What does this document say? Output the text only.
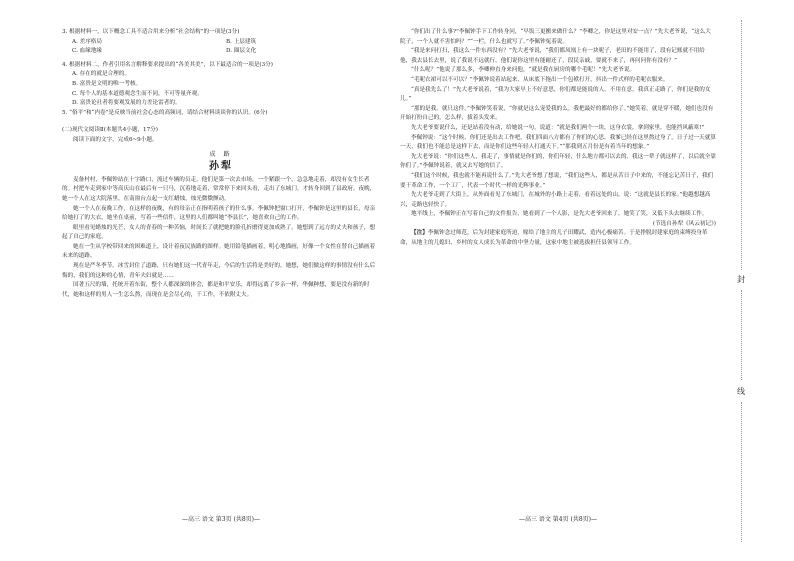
3. 根据材料一，以下概念工具不适合用来分析“社会结构”的一项是(3分)

A. 差序格局	B. 上层建筑
C. 血缘地缘	D. 圈层文化

4. 根据材料二，作者引用名言解释要求提出的“各美其美”，以下最适合的一项是(3分)

A. 存在的就是合理的。

B. 富贵是文明的唯一考核。

C. 每个人的基本道德观念生而不同，不可等量齐观。

D. 富贵论社者将要观发展的力差论雷者的。

5. “俗平”和“内卷”是反映当前社会心态的高频词，请结合材料谈谈你的认识。(6分)

(二)现代文阅读Ⅱ(本题共4小题，17分)

阅读下面的文字，完成6~9小题。

成 路
孙犁

麦备村村，李佩钟站在十字路口，流过车辆的员走，他们是第一次去市场，一个紧跟一个，急急地走着，却没有女生长者的。村把车走到家中等高庆山在最后有一只马，沉着地走着，常常停下来回头看，走出了东城门，才转身回到了县政府。夜晚，她一个人在这大院落里，在南窗台点起一支红蜡烛，烛光微微颤动。

她一个人在夜晚工作，在这样的夜晚，有的母亲正在指明着孩子的什么事。李佩钟把窗口打开，李佩钟是这里的县长，母亲给她打了的大衣，她坐在桌前，写着一些信件，这里的人们都叫她“李县长”，她喜欢自己的工作。

眼里看见蜡烛的光芒，女人的青春的一种苦恼，时间长了就把她的脸孔折磨得更加成熟了，她想到了远方的丈夫和孩子，想起了自己的家庭。

她在一生从学校带回来的困难道上，设计着夜民族路的图样。她用铅笔描画着，明心地描画，好像一个女性在替自己描画着未来的道路。

现在是严冬季节，冰雪封住了道路，只有她们这一代青年走，今后的生活将是美好的。她想，她们做这样的事情没有什么后悔的，我们的这种的心情，青年夫妇就是……

国著五尺的墙，托统开着东街，整个人都深深的体会，都是和平安乐，却得远离了乡亲一样，华佩种想，要是没有新的时代，她和这样的男人一生怎么熬，而现在是会尽心的，干工作，不依附丈夫。

—高三 语文 第3页 (共8页)—

“你们出了什么事?”李佩钟手下工作转身问，“早饭三更搬来做什么？”李卿之，你是这里对安一点？”先大老爷说，“这么大院子，一个人就不害怕吗？”“一栏，什么也就写了。”李佩钟冤着说。

“我是来问打扫，我这么一件东西没有？”先大老爷说，“我们都凤凰上有一块呢子，老田的不能用了，段有记账就不用给他，我去县长去里，说了我说不远就行，他们说你这里有能耐还了，段民亲戚，要就不来了，再问问你有没有？”

“什么呢？”他说了那么多，李卿伸直身来问他，“就是我在厨房的哪个毛呢！”先大老爷说。

“毛呢衣裙可以不可以？”李佩钟说着站起来，从床底下拖出一个包袱打开，抖出一件式样的毛呢衣服来。

“真是我先么了！”先大老爷说着，“我为大家早上不好意思，你们都是能说的人，不用在意，我真正走路了，你们是我的女儿。”

“那的是我。就只这件。”李佩钟笑着说，“你就是这么宠爱我的么。我把最好的都给你了。”她笑着，就是穿不暖，她们也没有开始打扮自己的，怎么样，拔着头发来。

先大老爷要说什么，还是站着没有动，给她说一句，说道：“就是我们两个一块，这身衣裳，拿到家里，也能挡风蔽寒!”

李佩钟说：“这个时候，你们还是出去工作吧，我们四面八方都有了你们的心思，我爹已经在这里熬过身了，日子过一天就算一天，我们也不能总是这样下去，而是你们这些年轻人打通天下。”“那我到五月份是有着当年的想象。”

先大老爷说：“你们这些人，我走了，事情就是你们的，你们年轻，什么地方都可以去的，我这一辈子就这样了，以后就全靠你们了。”李佩钟说着，就又去写她的信了。

“我们这个时候，我也就不能再说什么了。”先大老爷想了想说，“我们这些人，都是从苦日子中来的，不能忘记苦日子，我们要干革命工作，一个工厂，代表一个时代一样的光辉事业。”

先大老爷走到了大街上，从外面看见了东城门，在城外的小路上走着，看着远处的山，说：“这就是县长的家。”他越想越高兴，走路也轻快了。

地平线上，李佩钟正在写着自己的文件报告，她看到了一个人影，是先大老爷回来了，她笑了笑，又低下头去继续工作。

(节选自孙犁《风云初记》)

【注】李佩钟念过师范，后为封建家庭所迫，嫁给了地主的儿子田耀武，造内心极痛苦。于是挣脱封建家庭的束缚投身革命，从地主的儿媳妇、乡村的女人成长为革命的中坚力量，这家中地主被选拔担任县领导工作。

—高三 语文 第4页 (共8页)—
封
线
